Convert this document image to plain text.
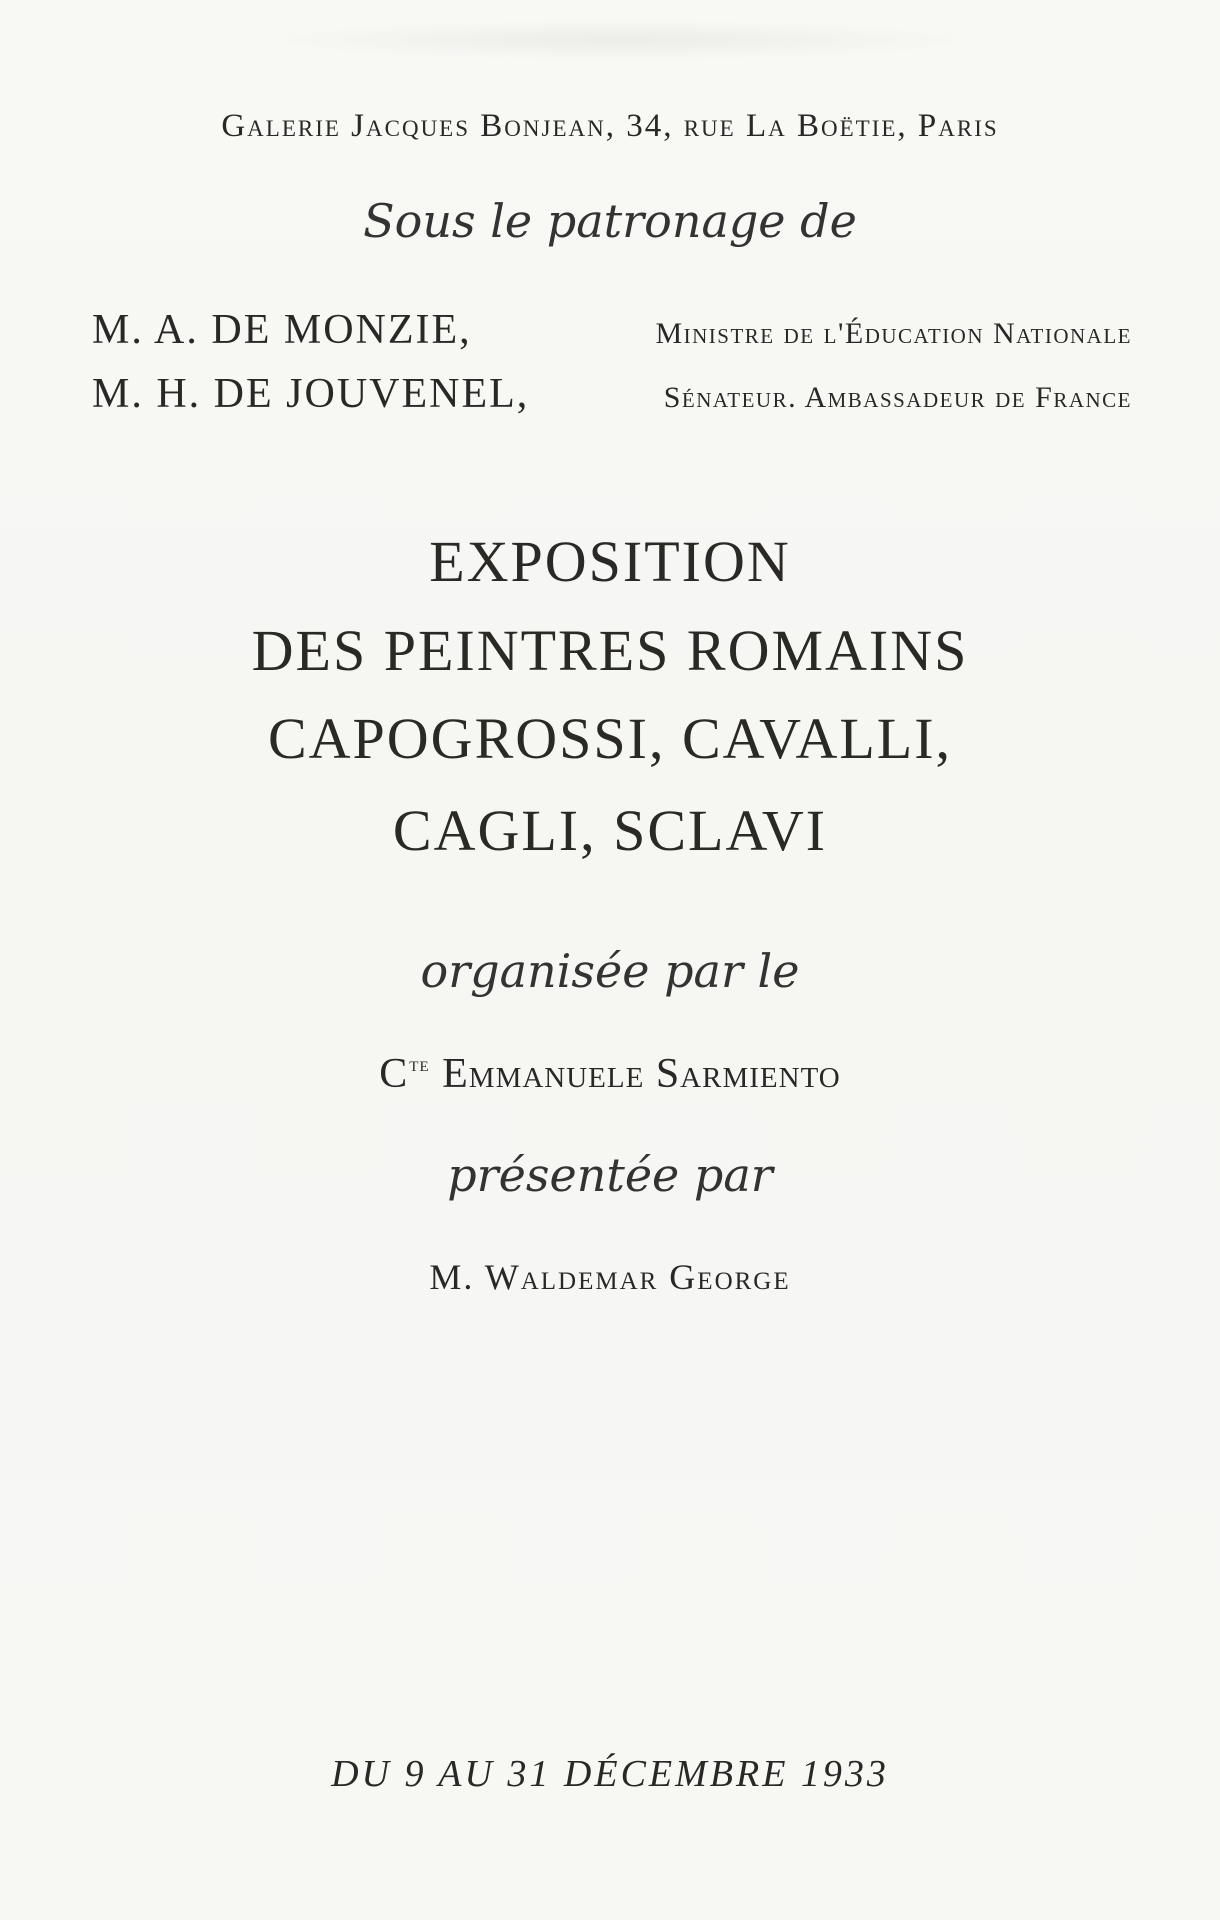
Galerie Jacques Bonjean, 34, rue La Boëtie, Paris
Sous le patronage de
M. A. DE MONZIE,	Ministre de l'Éducation Nationale
M. H. DE JOUVENEL,	Sénateur. Ambassadeur de France
EXPOSITION
DES PEINTRES ROMAINS
CAPOGROSSI, CAVALLI,
CAGLI, SCLAVI
organisée par le
$C^{te}$ Emmanuele Sarmiento
présentée par
M. Waldemar George
DU 9 AU 31 DÉCEMBRE 1933
